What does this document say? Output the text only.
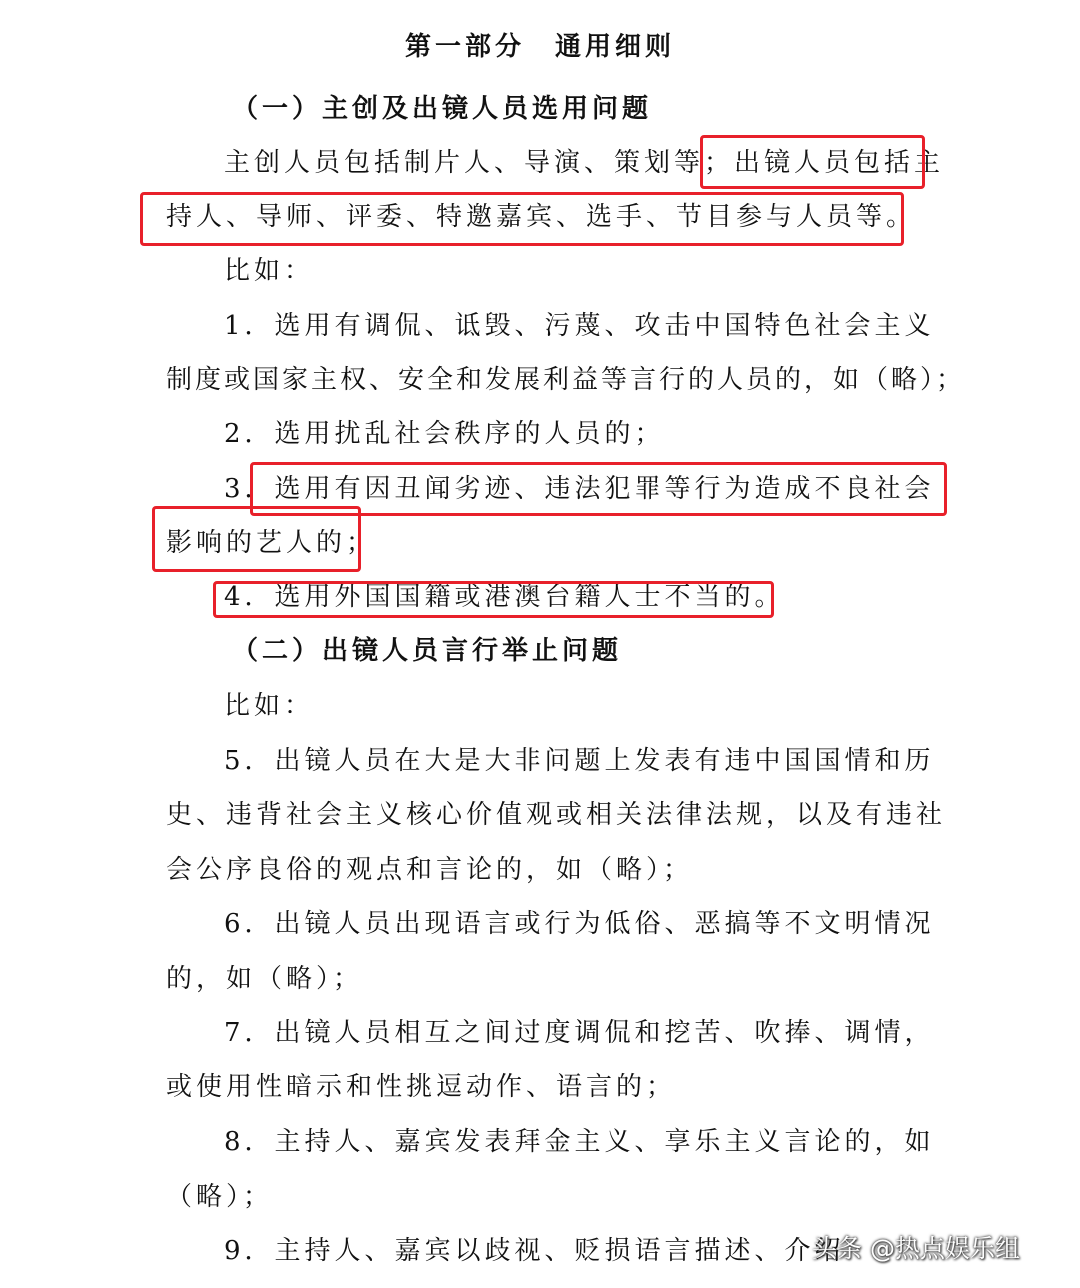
第一部分　通用细则
（一）主创及出镜人员选用问题
主创人员包括制片人、导演、策划等；出镜人员包括主
持人、导师、评委、特邀嘉宾、选手、节目参与人员等。
比如：
1．选用有调侃、诋毁、污蔑、攻击中国特色社会主义
制度或国家主权、安全和发展利益等言行的人员的，如（略）；
2．选用扰乱社会秩序的人员的；
3．选用有因丑闻劣迹、违法犯罪等行为造成不良社会
影响的艺人的；
4．选用外国国籍或港澳台籍人士不当的。
（二）出镜人员言行举止问题
比如：
5．出镜人员在大是大非问题上发表有违中国国情和历
史、违背社会主义核心价值观或相关法律法规，以及有违社
会公序良俗的观点和言论的，如（略）；
6．出镜人员出现语言或行为低俗、恶搞等不文明情况
的，如（略）；
7．出镜人员相互之间过度调侃和挖苦、吹捧、调情，
或使用性暗示和性挑逗动作、语言的；
8．主持人、嘉宾发表拜金主义、享乐主义言论的，如
（略）；
9．主持人、嘉宾以歧视、贬损语言描述、介绍
头条 @热点娱乐组
